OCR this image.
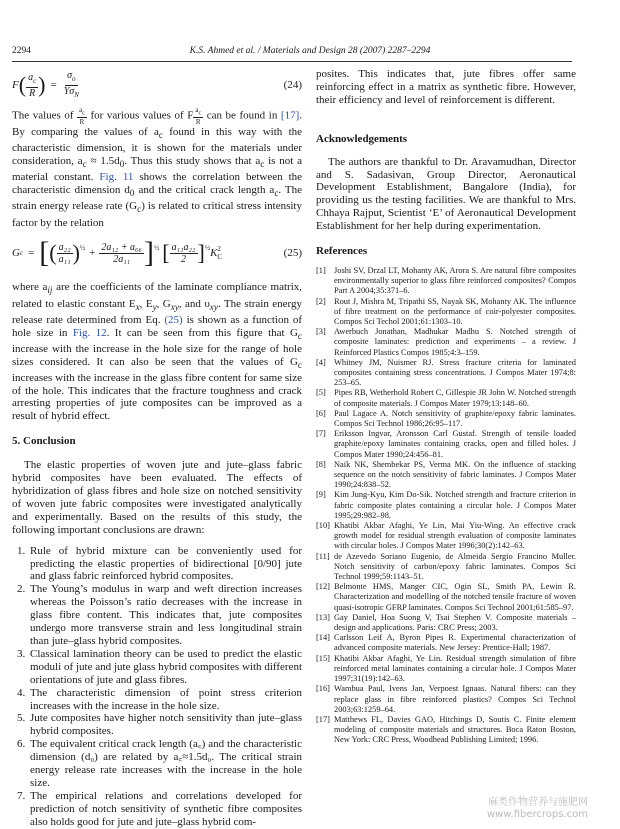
2294	K.S. Ahmed et al. / Materials and Design 28 (2007) 2287–2294
F ( $\frac{a_c}{R}$ ) = $\frac{\sigma_o}{Y\sigma_N}$	(24)

The values of $\frac{a_c}{R}$ for various values of F $\frac{a_c}{R}$ can be found in [17]. By comparing the values of $a_c$ found in this way with the characteristic dimension, it is shown for the materials under consideration, $a_c \approx 1.5d_0$. Thus this study shows that $a_c$ is not a material constant. Fig. 11 shows the correlation between the characteristic dimension $d_0$ and the critical crack length $a_c$. The strain energy release rate $(G_c)$ is related to critical stress intensity factor by the relation

G c = [ ( $\frac{\text{a₂₂}}{\text{a₁₁}} )^{\frac{1}{2}} + \frac{\text{2a₁₂ + a₆₆}}{\text{2a₁₁}} ]^{\frac{1}{2}}$ [ $\frac{\text{a₁₁a₂₂}}{2} ]^{\frac{1}{2}}$ K 2
C	(25)

where $a_{ij}$ are the coefficients of the laminate compliance matrix, related to elastic constant $E_x$, $E_y$, $G_{xy}$, and $\upsilon_{xy}$. The strain energy release rate determined from Eq. (25) is shown as a function of hole size in Fig. 12. It can be seen from this figure that $G_c$ increase with the increase in the hole size for the range of hole sizes considered. It can also be seen that the values of $G_c$ increases with the increase in the glass fibre content for same size of the hole. This indicates that the fracture toughness and crack arresting properties of jute composites can be improved as a result of hybrid effect.

5. Conclusion

The elastic properties of woven jute and jute–glass fabric hybrid composites have been evaluated. The effects of hybridization of glass fibres and hole size on notched sensitivity of woven jute fabric composites were investigated analytically and experimentally. Based on the results of this study, the following important conclusions are drawn:

1. Rule of hybrid mixture can be conveniently used for predicting the elastic properties of bidirectional [0/90] jute and glass fabric reinforced hybrid composites.
2. The Young’s modulus in warp and weft direction increases whereas the Poisson’s ratio decreases with the increase in glass fibre content. This indicates that, jute composites undergo more transverse strain and less longitudinal strain than jute–glass hybrid composites.
3. Classical lamination theory can be used to predict the elastic moduli of jute and jute glass hybrid composites with different orientations of jute and glass fibres.
4. The characteristic dimension of point stress criterion increases with the increase in the hole size.
5. Jute composites have higher notch sensitivity than jute–glass hybrid composites.
6. The equivalent critical crack length (a꜀) and the characteristic dimension (d₀) are related by a꜀≈1.5d₀. The critical strain energy release rate increases with the increase in the hole size.
7. The empirical relations and correlations developed for prediction of notch sensitivity of synthetic fibre composites also holds good for jute and jute–glass hybrid com-

posites. This indicates that, jute fibres offer same reinforcing effect in a matrix as synthetic fibre. However, their efficiency and level of reinforcement is different.

Acknowledgements

The authors are thankful to Dr. Aravamudhan, Director and S. Sadasivan, Group Director, Aeronautical Development Establishment, Bangalore (India), for providing us the testing facilities. We are thankful to Mrs. Chhaya Rajput, Scientist ‘E’ of Aeronautical Development Establishment for her help during experimentation.

References
[1] Joshi SV, Drzal LT, Mohanty AK, Arora S. Are natural fibre composites environmentally superior to glass fibre reinforced composites? Compos Part A 2004;35:371–6.
[2] Rout J, Mishra M, Tripathi SS, Nayak SK, Mohanty AK. The influence of fibre treatment on the performance of coir-polyester composites. Compos Sci Techol 2001;61:1303–10.
[3] Awerbuch Jonathan, Madhukar Madhu S. Notched strength of composite laminates: prediction and experiments – a review. J Reinforced Plastics Compos 1985;4:3–159.
[4] Whitney JM, Nuismer RJ. Stress fracture criteria for laminated composites containing stress concentrations. J Compos Mater 1974;8: 253–65.
[5] Pipes RB, Wetherhold Robert C, Gillespie JR John W. Notched strength of composite materials. J Compos Mater 1979;13:148–60.
[6] Paul Lagace A. Notch sensitivity of graphite/epoxy fabric laminates. Compos Sci Technol 1986;26:95–117.
[7] Eriksson Ingvar, Aronsson Carl Gustaf. Strength of tensile loaded graphite/epoxy laminates containing cracks, open and filled holes. J Compos Mater 1990;24:456–81.
[8] Naik NK, Shembekar PS, Verma MK. On the influence of stacking sequence on the notch sensitivity of fabric laminates. J Compos Mater 1990;24:838–52.
[9] Kim Jung-Kyu, Kim Do-Sik. Notched strength and fracture criterion in fabric composite plates containing a circular hole. J Compos Mater 1995;29:982–98.
[10] Khatibi Akbar Afaghi, Ye Lin, Mai Yiu-Wing. An effective crack growth model for residual strength evaluation of composite laminates with circular holes. J Compos Mater 1996;30(2):142–63.
[11] de Azevedo Soriano Eugenio, de Almeida Sergio Francino Muller. Notch sensitivity of carbon/epoxy fabric laminates. Compos Sci Technol 1999;59:1143–51.
[12] Belmonte HMS, Manger CIC, Ogin SL, Smith PA, Lewin R. Characterization and modelling of the notched tensile fracture of woven quasi-isotropic GFRP laminates. Compos Sci Technol 2001;61:585–97.
[13] Gay Daniel, Hoa Suong V, Tsai Stephen V. Composite materials – design and applications. Paris: CRC Press; 2003.
[14] Carlsson Leif A, Byron Pipes R. Experimental characterization of advanced composite materials. New Jersey: Prentice-Hall; 1987.
[15] Khatibi Akbar Afaghi, Ye Lin. Residual strength simulation of fibre reinforced metal laminates containing a circular hole. J Compos Mater 1997;31(19):142–63.
[16] Wambua Paul, Ivens Jan, Verpoest Ignaas. Natural fibers: can they replace glass in fibre reinforced plastics? Compos Sci Technol 2003;63:1259–64.
[17] Matthews FL, Davies GAO, Hitchings D, Soutis C. Finite element modeling of composite materials and structures. Boca Raton Boston, New York: CRC Press, Woodhead Publishing Limited; 1996.
麻类作物营养与施肥网
www.fibercrops.com
